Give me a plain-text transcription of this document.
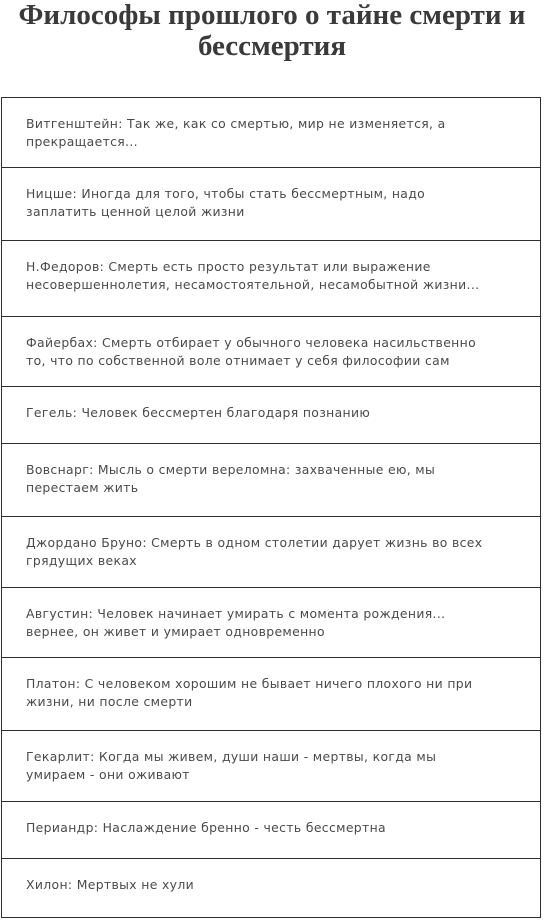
Философы прошлого о тайне смерти и бессмертия
Витгенштейн: Так же, как со смертью, мир не изменяется, а прекращается...
Ницше: Иногда для того, чтобы стать бессмертным, надо заплатить ценной целой жизни
Н.Федоров: Смерть есть просто результат или выражение несовершеннолетия, несамостоятельной, несамобытной жизни...
Файербах: Смерть отбирает у обычного человека насильственно то, что по собственной воле отнимает у себя философии сам
Гегель: Человек бессмертен благодаря познанию
Вовснарг: Мысль о смерти вереломна: захваченные ею, мы перестаем жить
Джордано Бруно: Смерть в одном столетии дарует жизнь во всех грядущих веках
Августин: Человек начинает умирать с момента рождения... вернее, он живет и умирает одновременно
Платон: С человеком хорошим не бывает ничего плохого ни при жизни, ни после смерти
Гекарлит: Когда мы живем, души наши - мертвы, когда мы умираем - они оживают
Периандр: Наслаждение бренно - честь бессмертна
Хилон: Мертвых не хули
